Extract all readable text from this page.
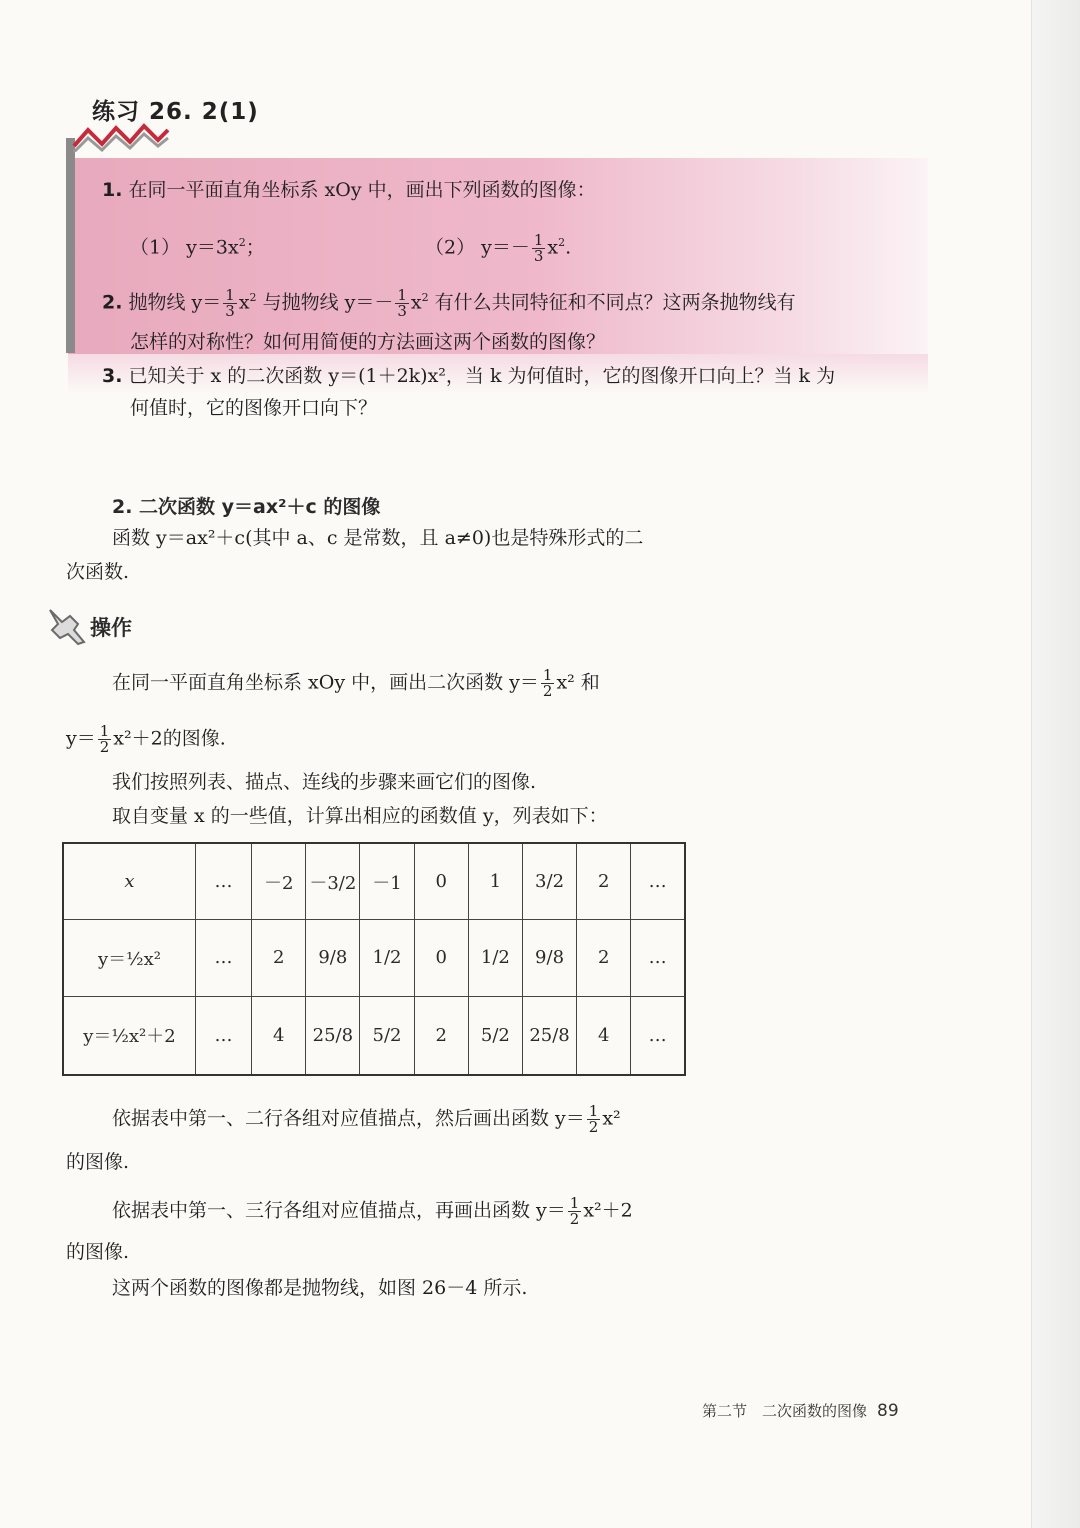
练习 26. 2(1)
1. 在同一平面直角坐标系 xOy 中，画出下列函数的图像：
（1） $y=3x^2$；	（2） $y=- \frac{1}{3} x^2$.
2. 抛物线 $y= \frac{1}{3} x^2$ 与抛物线 $y=- \frac{1}{3} x^2$ 有什么共同特征和不同点？这两条抛物线有
怎样的对称性？如何用简便的方法画这两个函数的图像？
3. 已知关于 x 的二次函数 y＝(1＋2k)x²，当 k 为何值时，它的图像开口向上？当 k 为
何值时，它的图像开口向下？
2. 二次函数 y＝ax²＋c 的图像
函数 y＝ax²＋c(其中 a、c 是常数，且 a≠0)也是特殊形式的二
次函数.
操作
在同一平面直角坐标系 xOy 中，画出二次函数 $y= \frac{1}{2} x^2$ 和
$y= \frac{1}{2} x^2+2$的图像.
我们按照列表、描点、连线的步骤来画它们的图像.
取自变量 x 的一些值，计算出相应的函数值 y，列表如下：
x	…	－2	－3/2	－1	0	1	3/2	2	…
y＝½x²	…	2	9/8	1/2	0	1/2	9/8	2	…
y＝½x²＋2	…	4	25/8	5/2	2	5/2	25/8	4	…
依据表中第一、二行各组对应值描点，然后画出函数 $y= \frac{1}{2} x^2$
的图像.
依据表中第一、三行各组对应值描点，再画出函数 $y= \frac{1}{2} x^2+2$
的图像.
这两个函数的图像都是抛物线，如图 26－4 所示.
第二节　二次函数的图像 89
